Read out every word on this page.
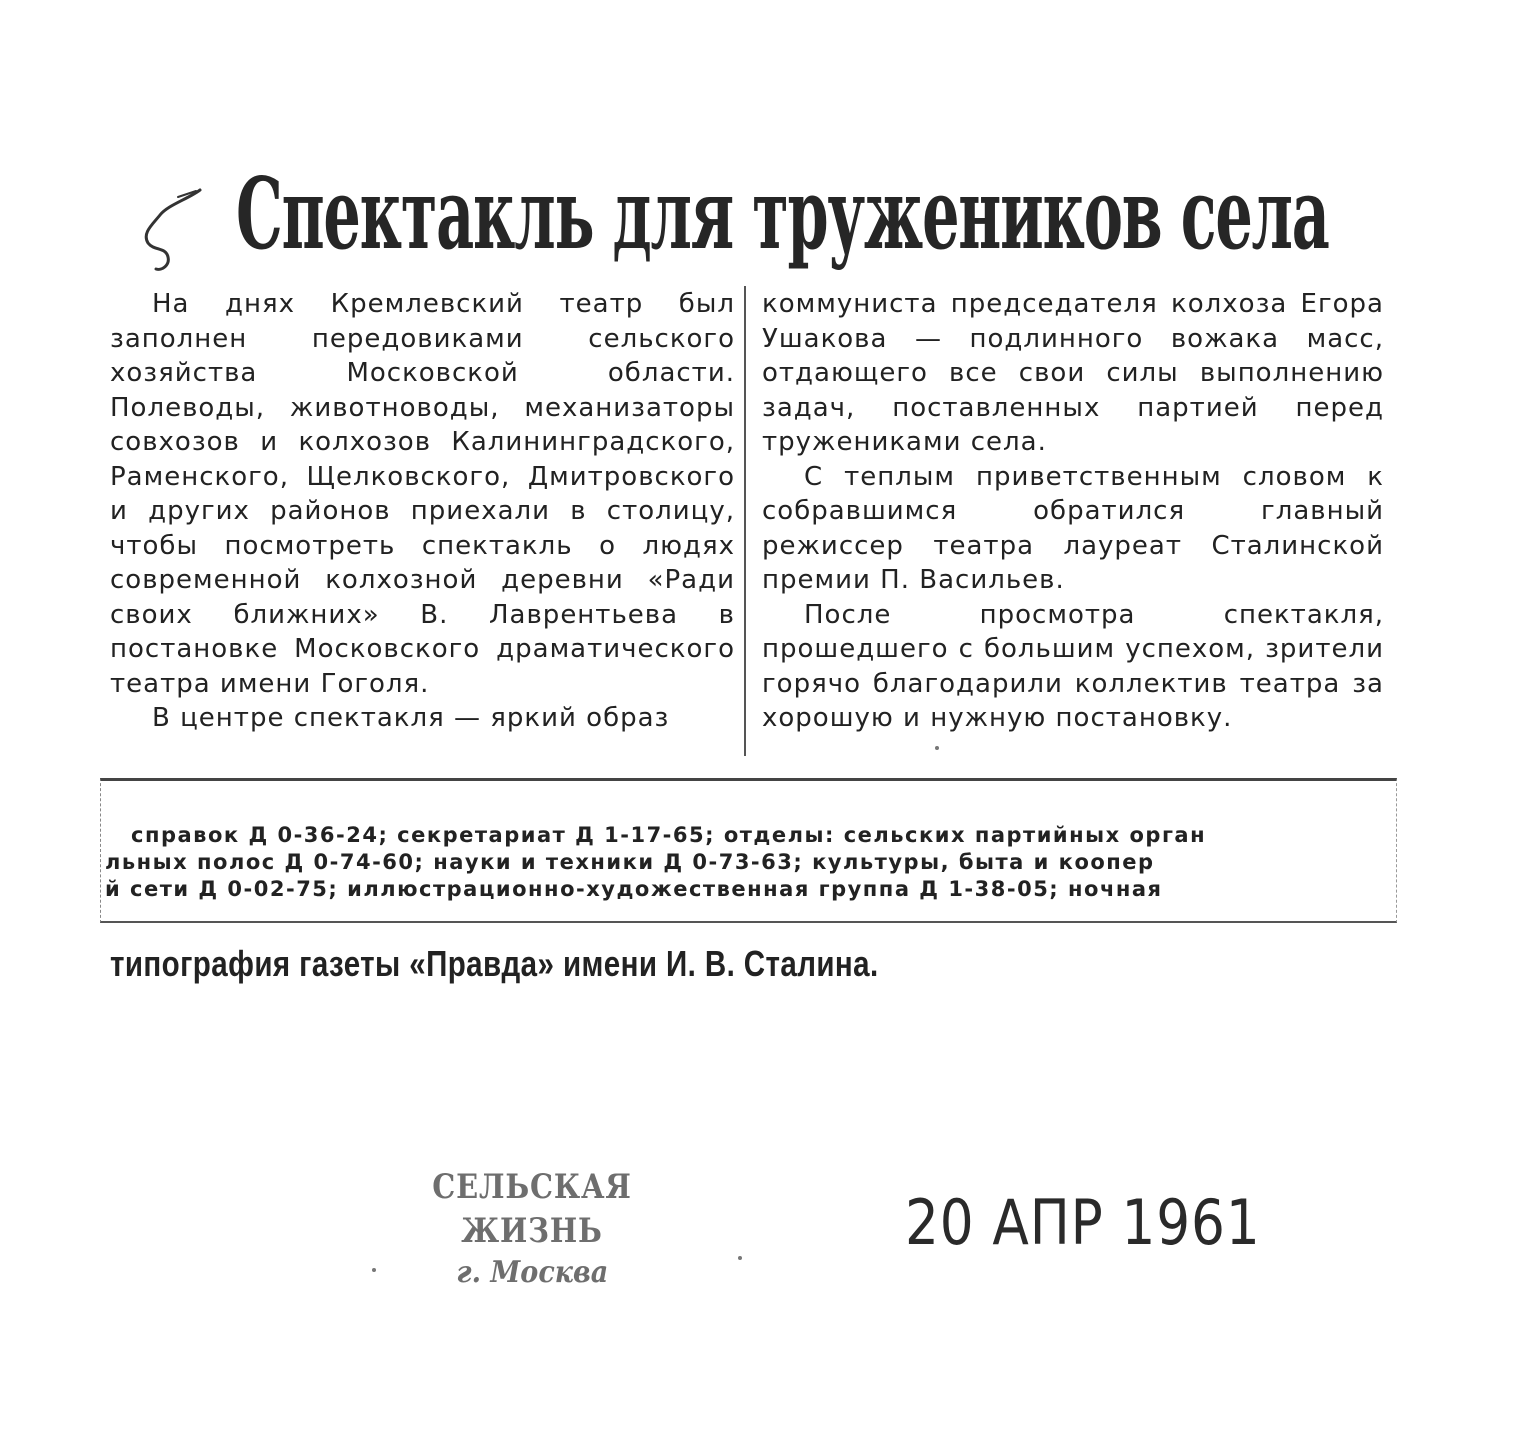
Спектакль для тружеников села

На днях Кремлевский театр был заполнен передовиками сельского хозяйства Московской области. Полеводы, животноводы, механизаторы совхозов и колхозов Калининградского, Раменского, Щелковского, Дмитровского и других районов приехали в столицу, чтобы посмотреть спектакль о людях современной колхозной деревни «Ради своих ближних» В. Лаврентьева в постановке Московского драматического театра имени Гоголя.

В центре спектакля — яркий образ

коммуниста председателя колхоза Егора Ушакова — подлинного вожака масс, отдающего все свои силы выполнению задач, поставленных партией перед тружениками села.

С теплым приветственным словом к собравшимся обратился главный режиссер театра лауреат Сталинской премии П. Васильев.

После просмотра спектакля, прошедшего с большим успехом, зрители горячо благодарили коллектив театра за хорошую и нужную постановку.

справок Д 0-36-24; секретариат Д 1-17-65; отделы: сельских партийных орган
льных полос Д 0-74-60; науки и техники Д 0-73-63; культуры, быта и коопер
й сети Д 0-02-75; иллюстрационно-художественная группа Д 1-38-05; ночная
типография газеты «Правда» имени И. В. Сталина.
СЕЛЬСКАЯ ЖИЗНЬ
г. Москва
20 АПР 1961
